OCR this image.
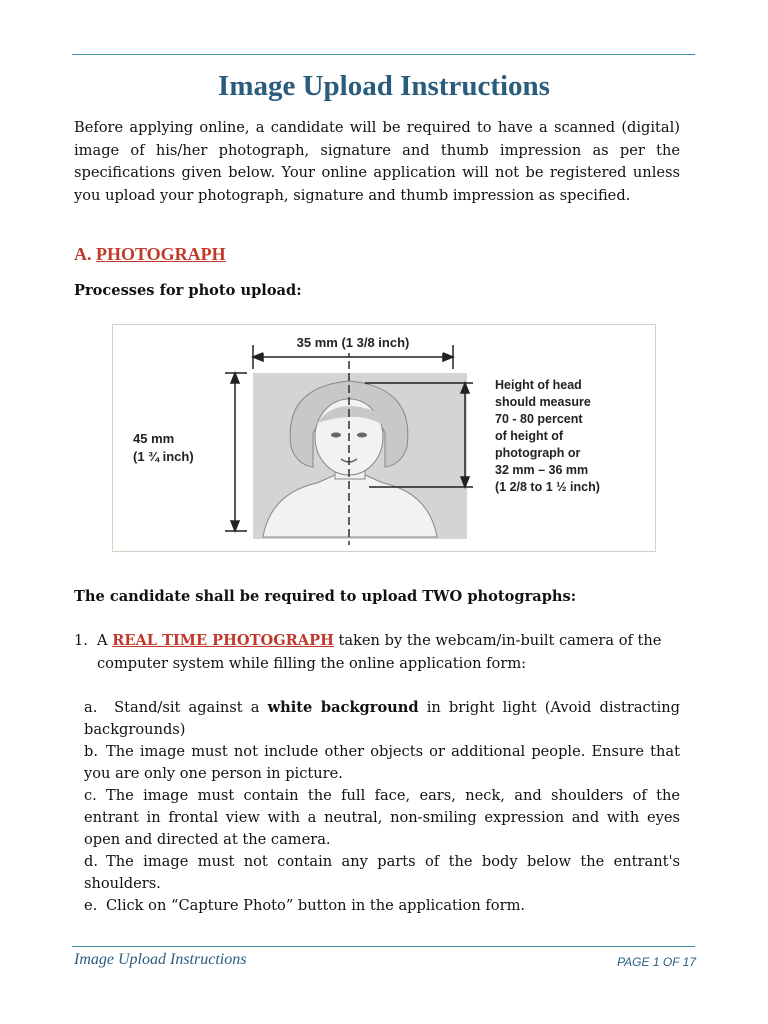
Image Upload Instructions

Before applying online, a candidate will be required to have a scanned (digital) image of his/her photograph, signature and thumb impression as per the specifications given below. Your online application will not be registered unless you upload your photograph, signature and thumb impression as specified.

A. PHOTOGRAPH

Processes for photo upload:

35 mm (1 3/8 inch)
45 mm
(1 ¾ inch)
Height of head
should measure
70 - 80 percent
of height of
photograph or
32 mm – 36 mm
(1 2/8 to 1 ½ inch)

The candidate shall be required to upload TWO photographs:

1. A REAL TIME PHOTOGRAPH taken by the webcam/in-built camera of the computer system while filling the online application form:

a. Stand/sit against a white background in bright light (Avoid distracting backgrounds)

b. The image must not include other objects or additional people. Ensure that you are only one person in picture.

c. The image must contain the full face, ears, neck, and shoulders of the entrant in frontal view with a neutral, non-smiling expression and with eyes open and directed at the camera.

d. The image must not contain any parts of the body below the entrant's shoulders.

e. Click on “Capture Photo” button in the application form.

Image Upload Instructions	PAGE 1 OF 17
